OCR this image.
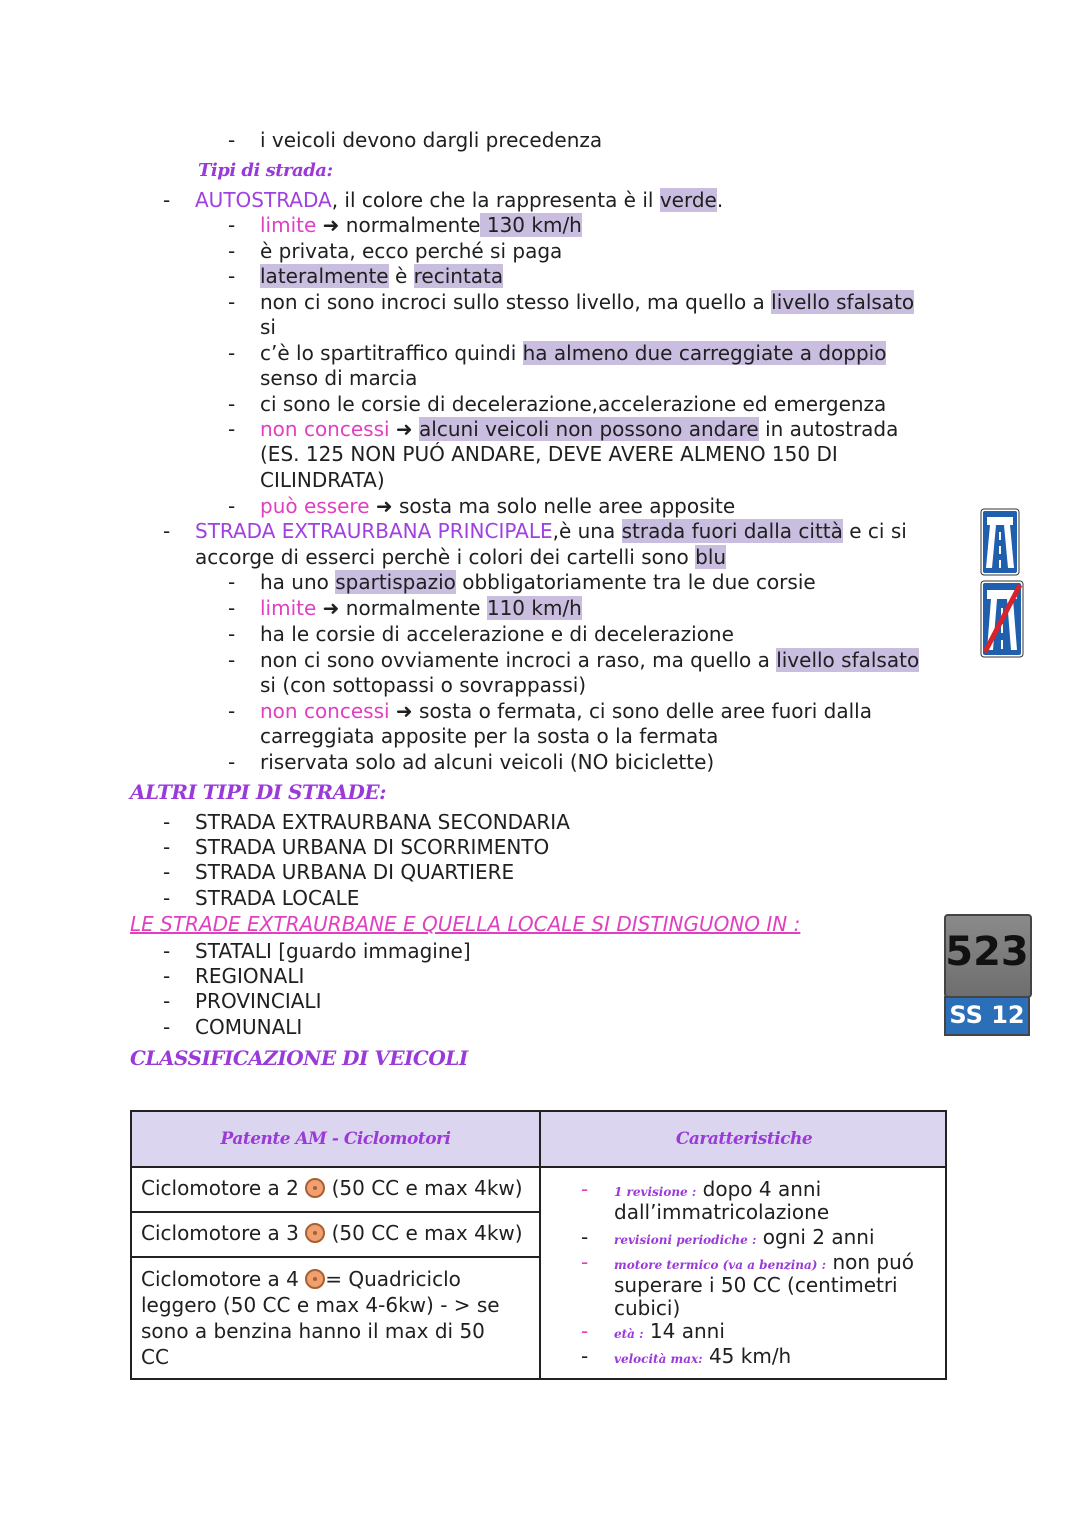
- i veicoli devono dargli precedenza
Tipi di strada:
- AUTOSTRADA, il colore che la rappresenta è il verde.
- limite ➜ normalmente 130 km/h
- è privata, ecco perché si paga
- lateralmente è recintata
- non ci sono incroci sullo stesso livello, ma quello a livello sfalsato
si
- c’è lo spartitraffico quindi ha almeno due carreggiate a doppio
senso di marcia
- ci sono le corsie di decelerazione,accelerazione ed emergenza
- non concessi ➜ alcuni veicoli non possono andare in autostrada
(ES. 125 NON PUÓ ANDARE, DEVE AVERE ALMENO 150 DI
CILINDRATA)
- può essere ➜ sosta ma solo nelle aree apposite
- STRADA EXTRAURBANA PRINCIPALE,è una strada fuori dalla città e ci si
accorge di esserci perchè i colori dei cartelli sono blu
- ha uno spartispazio obbligatoriamente tra le due corsie
- limite ➜ normalmente 110 km/h
- ha le corsie di accelerazione e di decelerazione
- non ci sono ovviamente incroci a raso, ma quello a livello sfalsato
si (con sottopassi o sovrappassi)
- non concessi ➜ sosta o fermata, ci sono delle aree fuori dalla
carreggiata apposite per la sosta o la fermata
- riservata solo ad alcuni veicoli (NO biciclette)
ALTRI TIPI DI STRADE:
- STRADA EXTRAURBANA SECONDARIA
- STRADA URBANA DI SCORRIMENTO
- STRADA URBANA DI QUARTIERE
- STRADA LOCALE
LE STRADE EXTRAURBANE E QUELLA LOCALE SI DISTINGUONO IN :
- STATALI [guardo immagine]
- REGIONALI
- PROVINCIALI
- COMUNALI
CLASSIFICAZIONE DI VEICOLI
Patente AM - Ciclomotori	Caratteristiche
Ciclomotore a 2  (50 CC e max 4kw)
Ciclomotore a 3  (50 CC e max 4kw)
Ciclomotore a 4 = Quadriciclo
leggero (50 CC e max 4-6kw) - > se
sono a benzina hanno il max di 50
CC
- 1 revisione : dopo 4 anni
dall’immatricolazione
- revisioni periodiche : ogni 2 anni
- motore termico (va a benzina) : non puó
superare i 50 CC (centimetri
cubici)
- età : 14 anni
- velocità max: 45 km/h
523
SS 12
